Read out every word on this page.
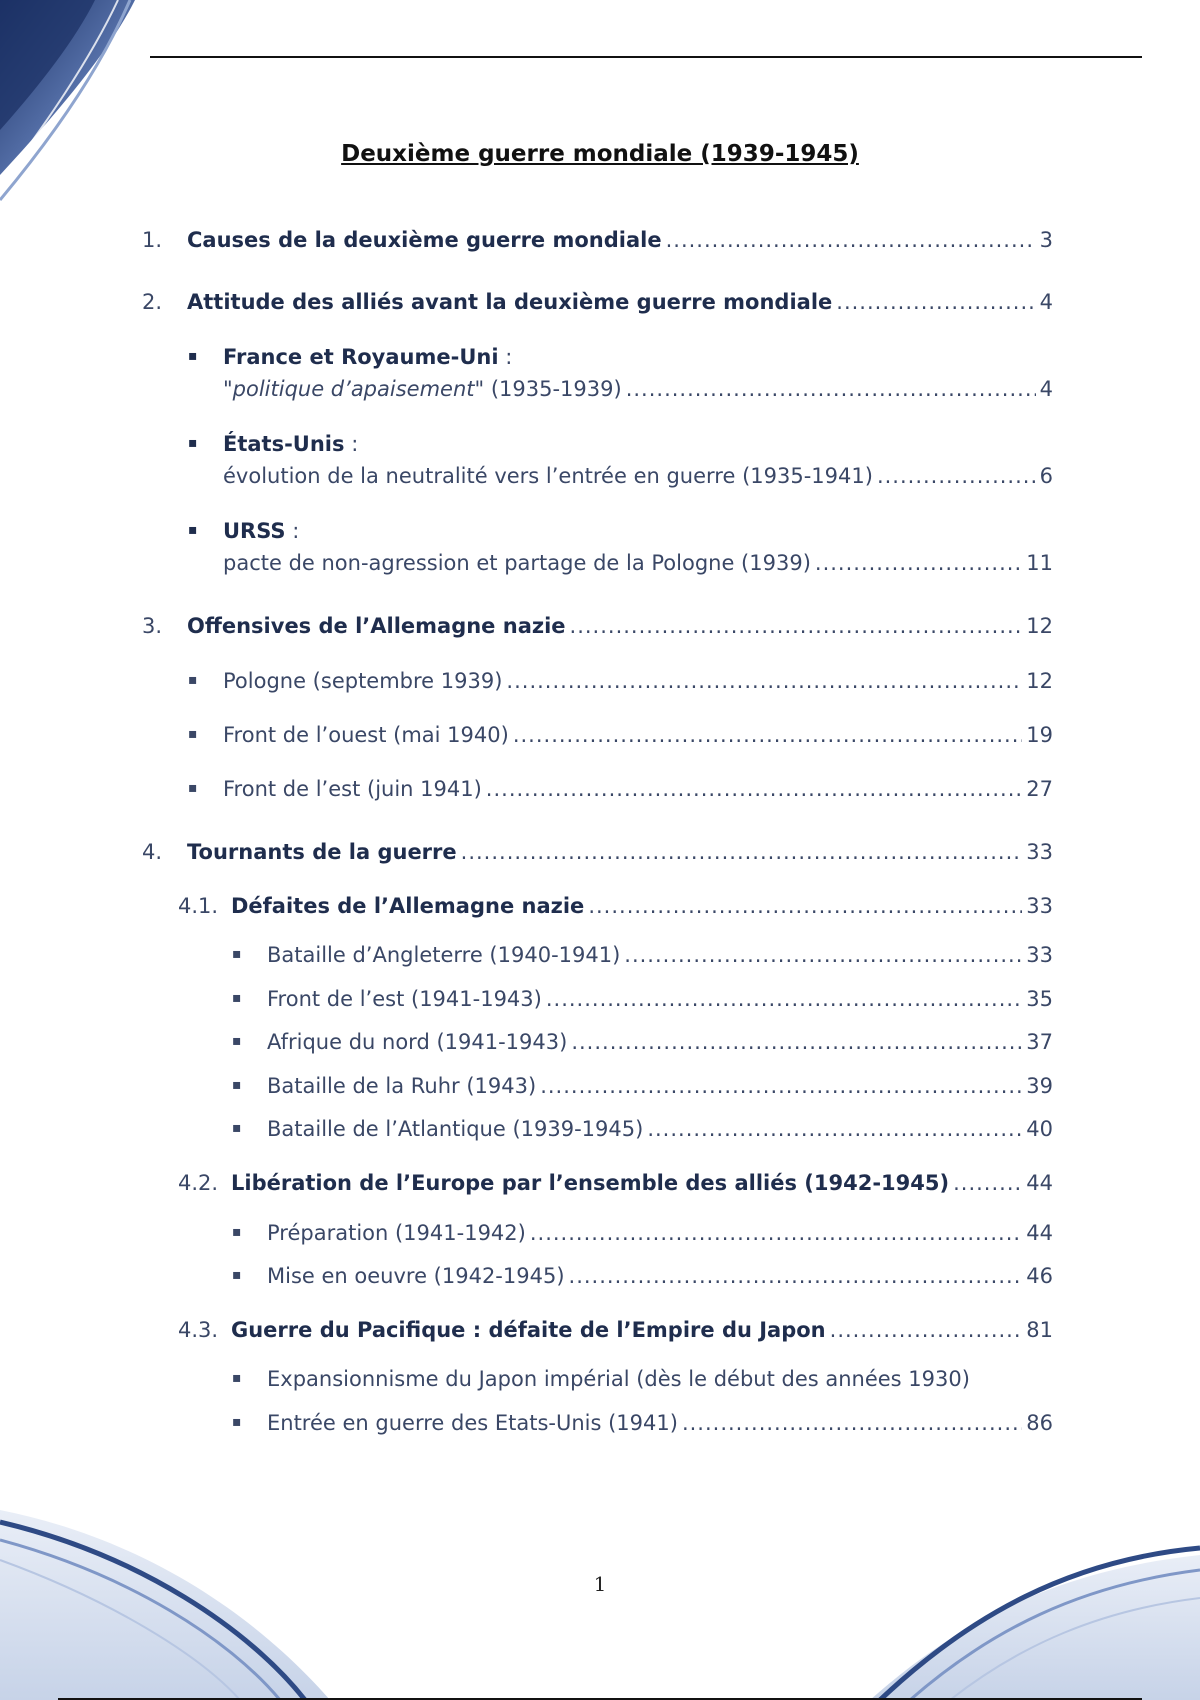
Deuxième guerre mondiale (1939-1945)
1. Causes de la deuxième guerre mondiale .....	3
2. Attitude des alliés avant la deuxième guerre mondiale .....	4
▪ France et Royaume-Uni :
"politique d’apaisement" (1935-1939) .....	4
▪ États-Unis :
évolution de la neutralité vers l’entrée en guerre (1935-1941) .....	6
▪ URSS :
pacte de non-agression et partage de la Pologne (1939) .....	11
3. Offensives de l’Allemagne nazie .....	12
▪ Pologne (septembre 1939) .....	12
▪ Front de l’ouest (mai 1940) .....	19
▪ Front de l’est (juin 1941) .....	27
4. Tournants de la guerre .....	33
4.1. Défaites de l’Allemagne nazie .....	33
▪ Bataille d’Angleterre (1940-1941) .....	33
▪ Front de l’est (1941-1943) .....	35
▪ Afrique du nord (1941-1943) .....	37
▪ Bataille de la Ruhr (1943) .....	39
▪ Bataille de l’Atlantique (1939-1945) .....	40
4.2. Libération de l’Europe par l’ensemble des alliés (1942-1945) .....	44
▪ Préparation (1941-1942) .....	44
▪ Mise en oeuvre (1942-1945) .....	46
4.3. Guerre du Pacifique : défaite de l’Empire du Japon .....	81
▪ Expansionnisme du Japon impérial (dès le début des années 1930)
▪ Entrée en guerre des Etats-Unis (1941) .....	86
1
